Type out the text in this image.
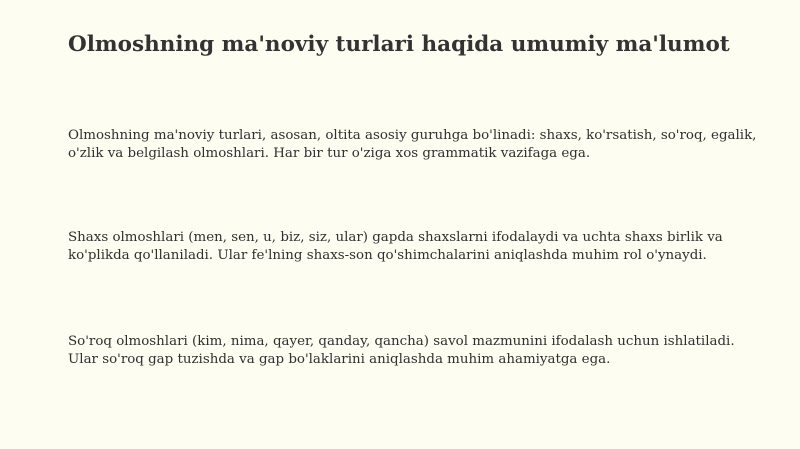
Olmoshning ma'noviy turlari haqida umumiy ma'lumot

Olmoshning ma'noviy turlari, asosan, oltita asosiy guruhga bo'linadi: shaxs, ko'rsatish, so'roq, egalik, o'zlik va belgilash olmoshlari. Har bir tur o'ziga xos grammatik vazifaga ega.

Shaxs olmoshlari (men, sen, u, biz, siz, ular) gapda shaxslarni ifodalaydi va uchta shaxs birlik va ko'plikda qo'llaniladi. Ular fe'lning shaxs-son qo'shimchalarini aniqlashda muhim rol o'ynaydi.

So'roq olmoshlari (kim, nima, qayer, qanday, qancha) savol mazmunini ifodalash uchun ishlatiladi. Ular so'roq gap tuzishda va gap bo'laklarini aniqlashda muhim ahamiyatga ega.
